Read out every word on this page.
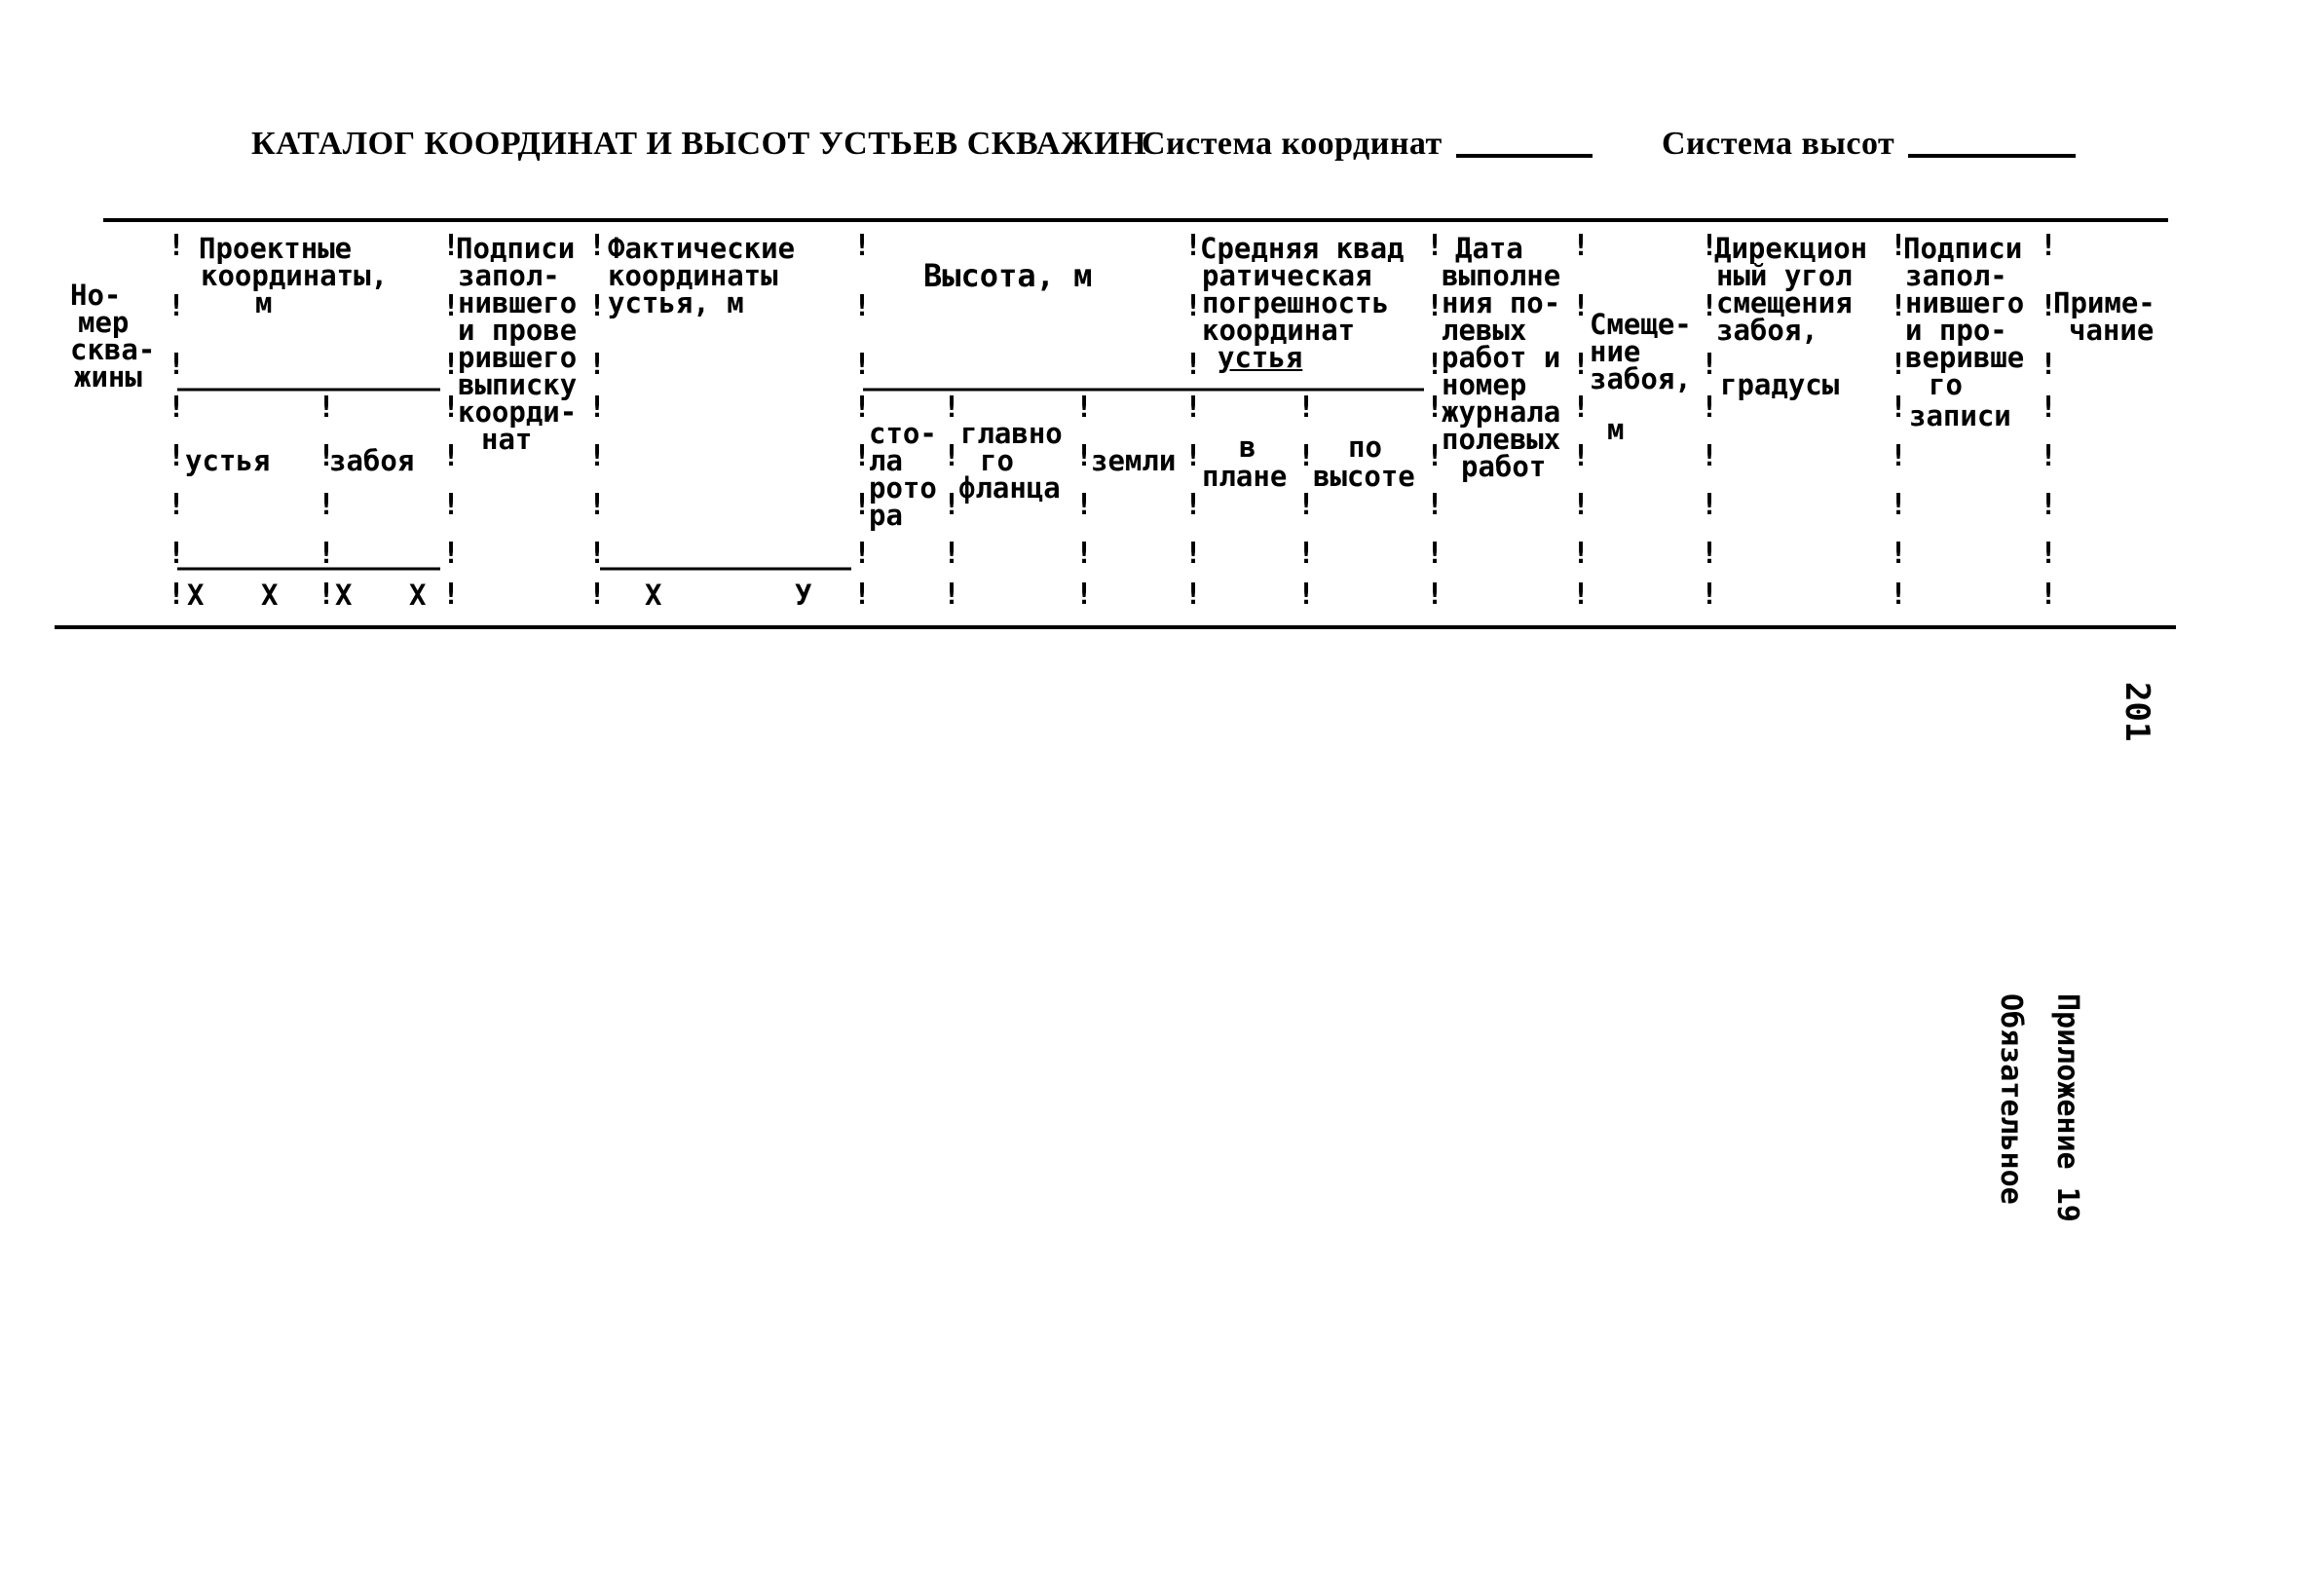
КАТАЛОГ КООРДИНАТ И ВЫСОТ УСТЬЕВ СКВАЖИН
Система координат	Система высот
!
!
!
!
!
!
!
!
!
!
!
!
!
!
!
!
!
!
!
!
!
!
!
!
!
!
!
!
!
!
!
!
!
!
!
!
!
!
!
!
!
!
!
!
!
!
!
!
!
!
!
!
!
!
!
!
!
!
!
!
!
!
!
!
!
!
!
!
!
!
!
!
!
!
!
!
!
!
!
!
!
!
!
!
!
!
!
!
!
!
!
!
!
!
!
!
!
!
!
!
Но-
мер
сква-
жины
Проектные
координаты,
м
устья забоя
X X X X
Подписи
запол-
нившего
и прове
рившего
выписку
коорди-
нат
Фактические
координаты
устья, м
X	У
Высота, м
сто-
ла
рото
ра
главно
го
фланца
земли
Средняя квад
ратическая
погрешность
координат
устья
в
плане
по
высоте
Дата
выполне
ния по-
левых
работ и
номер
журнала
полевых
работ
Смеще-
ние
забоя,
м
Дирекцион
ный угол
смещения
забоя,
градусы
Подписи
запол-
нившего
и про-
веривше
го
записи
Приме-
чание
201
Приложение 19
Обязательное
